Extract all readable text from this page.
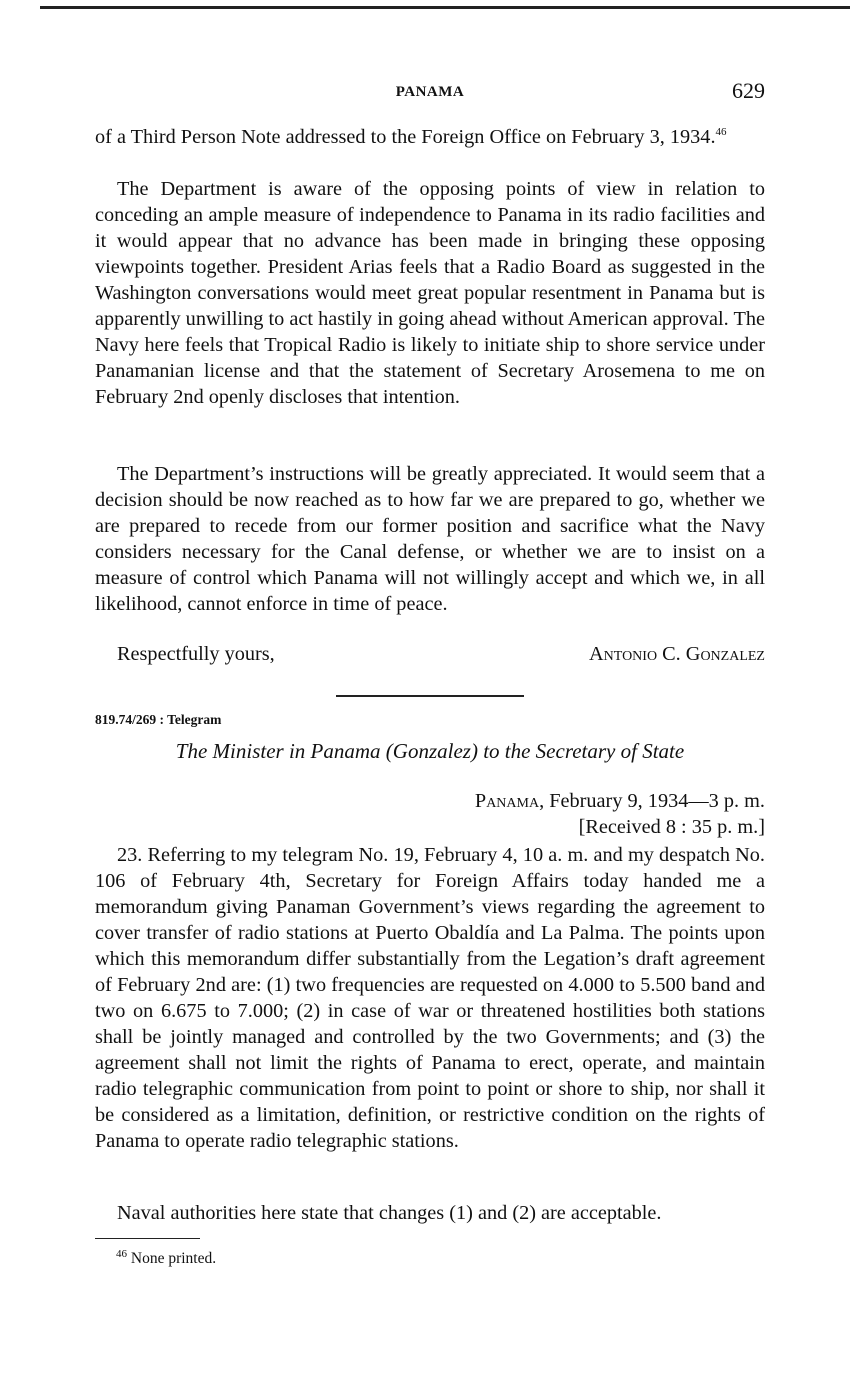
PANAMA	629

of a Third Person Note addressed to the Foreign Office on February 3, 1934.46

The Department is aware of the opposing points of view in relation to conceding an ample measure of independence to Panama in its radio facilities and it would appear that no advance has been made in bringing these opposing viewpoints together. President Arias feels that a Radio Board as suggested in the Washington conversations would meet great popular resentment in Panama but is apparently unwilling to act hastily in going ahead without American approval. The Navy here feels that Tropical Radio is likely to initiate ship to shore service under Panamanian license and that the statement of Secretary Arosemena to me on February 2nd openly discloses that intention.

The Department’s instructions will be greatly appreciated. It would seem that a decision should be now reached as to how far we are prepared to go, whether we are prepared to recede from our former position and sacrifice what the Navy considers necessary for the Canal defense, or whether we are to insist on a measure of control which Panama will not willingly accept and which we, in all likelihood, cannot enforce in time of peace.

Respectfully yours,	Antonio C. Gonzalez
819.74/269 : Telegram
The Minister in Panama (Gonzalez) to the Secretary of State
Panama, February 9, 1934—3 p. m.
[Received 8 : 35 p. m.]

23. Referring to my telegram No. 19, February 4, 10 a. m. and my despatch No. 106 of February 4th, Secretary for Foreign Affairs today handed me a memorandum giving Panaman Government’s views regarding the agreement to cover transfer of radio stations at Puerto Obaldía and La Palma. The points upon which this memorandum differ substantially from the Legation’s draft agreement of February 2nd are: (1) two frequencies are requested on 4.000 to 5.500 band and two on 6.675 to 7.000; (2) in case of war or threatened hostilities both stations shall be jointly managed and controlled by the two Governments; and (3) the agreement shall not limit the rights of Panama to erect, operate, and maintain radio telegraphic communication from point to point or shore to ship, nor shall it be considered as a limitation, definition, or restrictive condition on the rights of Panama to operate radio telegraphic stations.

Naval authorities here state that changes (1) and (2) are acceptable.

$^{46}$ None printed.
